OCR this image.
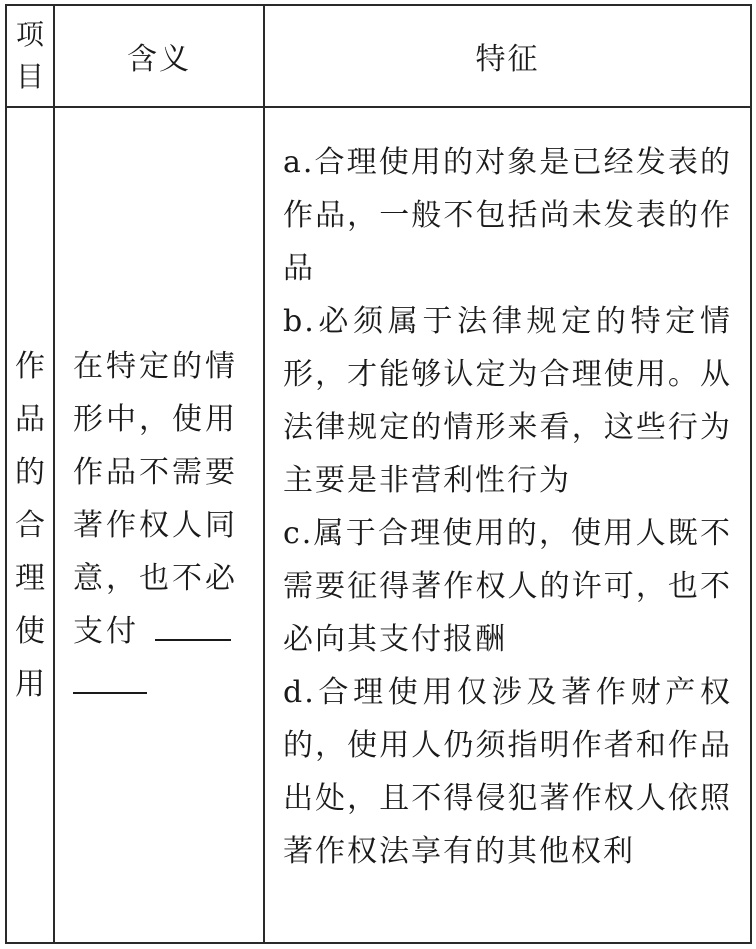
项目	含义	特征
作品的合理使用	在特定的情形中，使用作品不需要著作权人同意，也不必支付	a.合理使用的对象是已经发表的作品，一般不包括尚未发表的作品

b.必须属于法律规定的特定情形，才能够认定为合理使用。从法律规定的情形来看，这些行为主要是非营利性行为

c.属于合理使用的，使用人既不需要征得著作权人的许可，也不必向其支付报酬

d.合理使用仅涉及著作财产权的，使用人仍须指明作者和作品出处，且不得侵犯著作权人依照著作权法享有的其他权利
